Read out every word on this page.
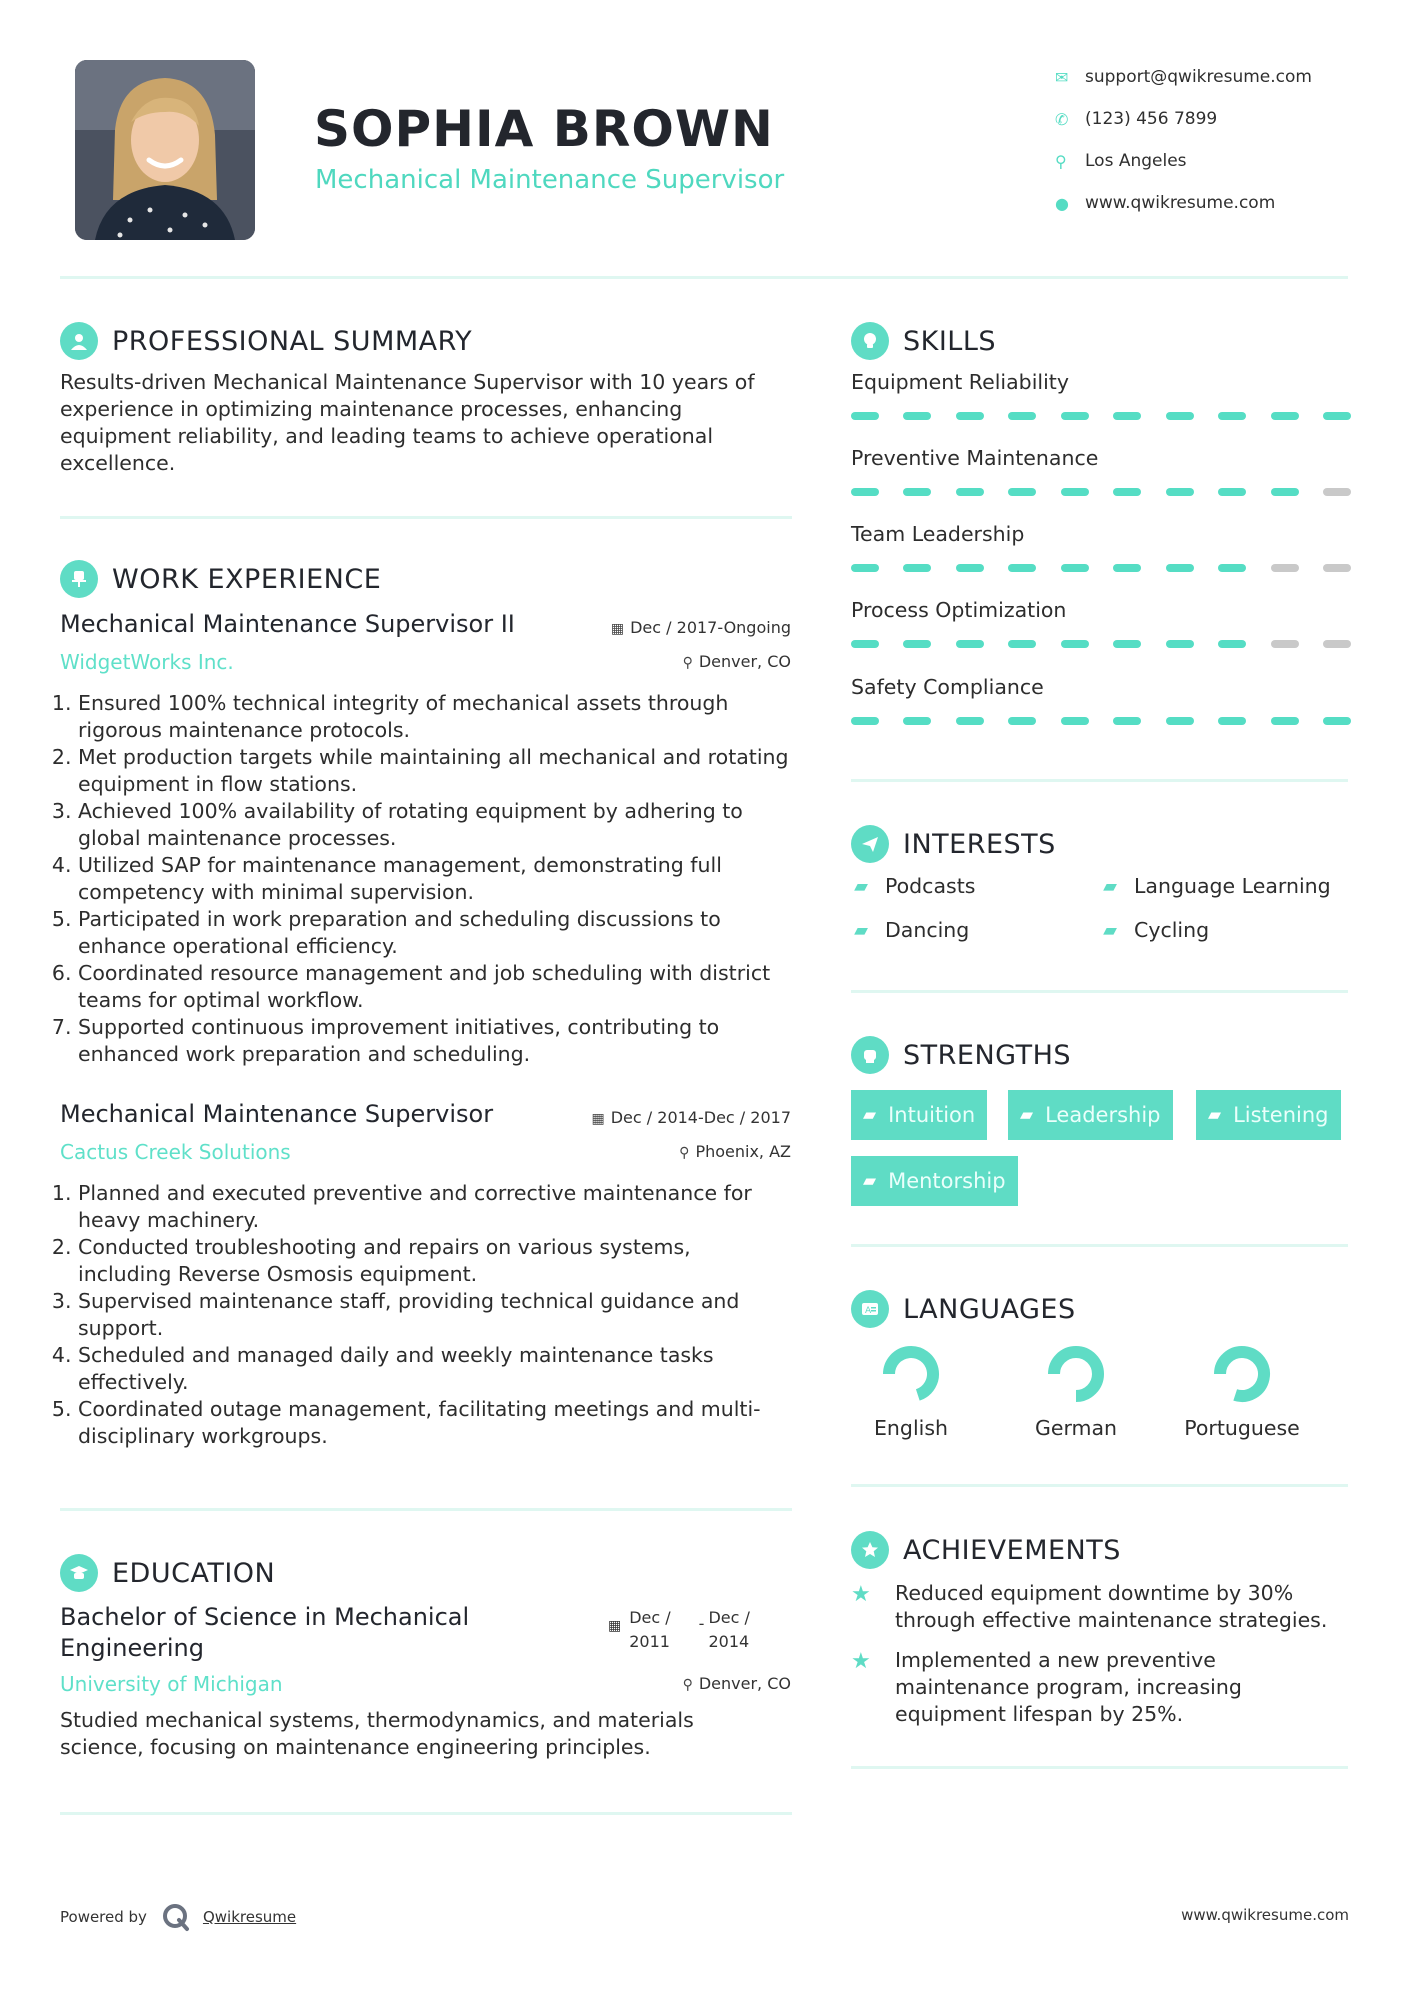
SOPHIA BROWN
Mechanical Maintenance Supervisor
✉ support@qwikresume.com
✆ (123) 456 7899
⚲	Los Angeles
● www.qwikresume.com
PROFESSIONAL SUMMARY
Results-driven Mechanical Maintenance Supervisor with 10 years of experience in optimizing maintenance processes, enhancing equipment reliability, and leading teams to achieve operational excellence.
WORK EXPERIENCE
Mechanical Maintenance Supervisor II	▦ Dec / 2017-Ongoing
WidgetWorks Inc.	⚲ Denver, CO
1. Ensured 100% technical integrity of mechanical assets through rigorous maintenance protocols.
2. Met production targets while maintaining all mechanical and rotating equipment in flow stations.
3. Achieved 100% availability of rotating equipment by adhering to global maintenance processes.
4. Utilized SAP for maintenance management, demonstrating full competency with minimal supervision.
5. Participated in work preparation and scheduling discussions to enhance operational efficiency.
6. Coordinated resource management and job scheduling with district teams for optimal workflow.
7. Supported continuous improvement initiatives, contributing to enhanced work preparation and scheduling.
Mechanical Maintenance Supervisor	▦ Dec / 2014-Dec / 2017
Cactus Creek Solutions	⚲ Phoenix, AZ
1. Planned and executed preventive and corrective maintenance for heavy machinery.
2. Conducted troubleshooting and repairs on various systems, including Reverse Osmosis equipment.
3. Supervised maintenance staff, providing technical guidance and support.
4. Scheduled and managed daily and weekly maintenance tasks effectively.
5. Coordinated outage management, facilitating meetings and multi-disciplinary workgroups.
EDUCATION
Bachelor of Science in Mechanical
Engineering
▦ Dec /
2011
- Dec /
2014
University of Michigan	⚲ Denver, CO
Studied mechanical systems, thermodynamics, and materials science, focusing on maintenance engineering principles.
SKILLS
Equipment Reliability
Preventive Maintenance
Team Leadership
Process Optimization
Safety Compliance
INTERESTS
▰ Podcasts	▰ Language Learning
▰ Dancing	▰ Cycling
STRENGTHS
▰ Intuition	▰ Leadership	▰ Listening
▰ Mentorship
A LANGUAGES
English	German	Portuguese
ACHIEVEMENTS
★	Reduced equipment downtime by 30% through effective maintenance strategies.
★	Implemented a new preventive maintenance program, increasing equipment lifespan by 25%.
Powered by	Qwikresume	www.qwikresume.com
